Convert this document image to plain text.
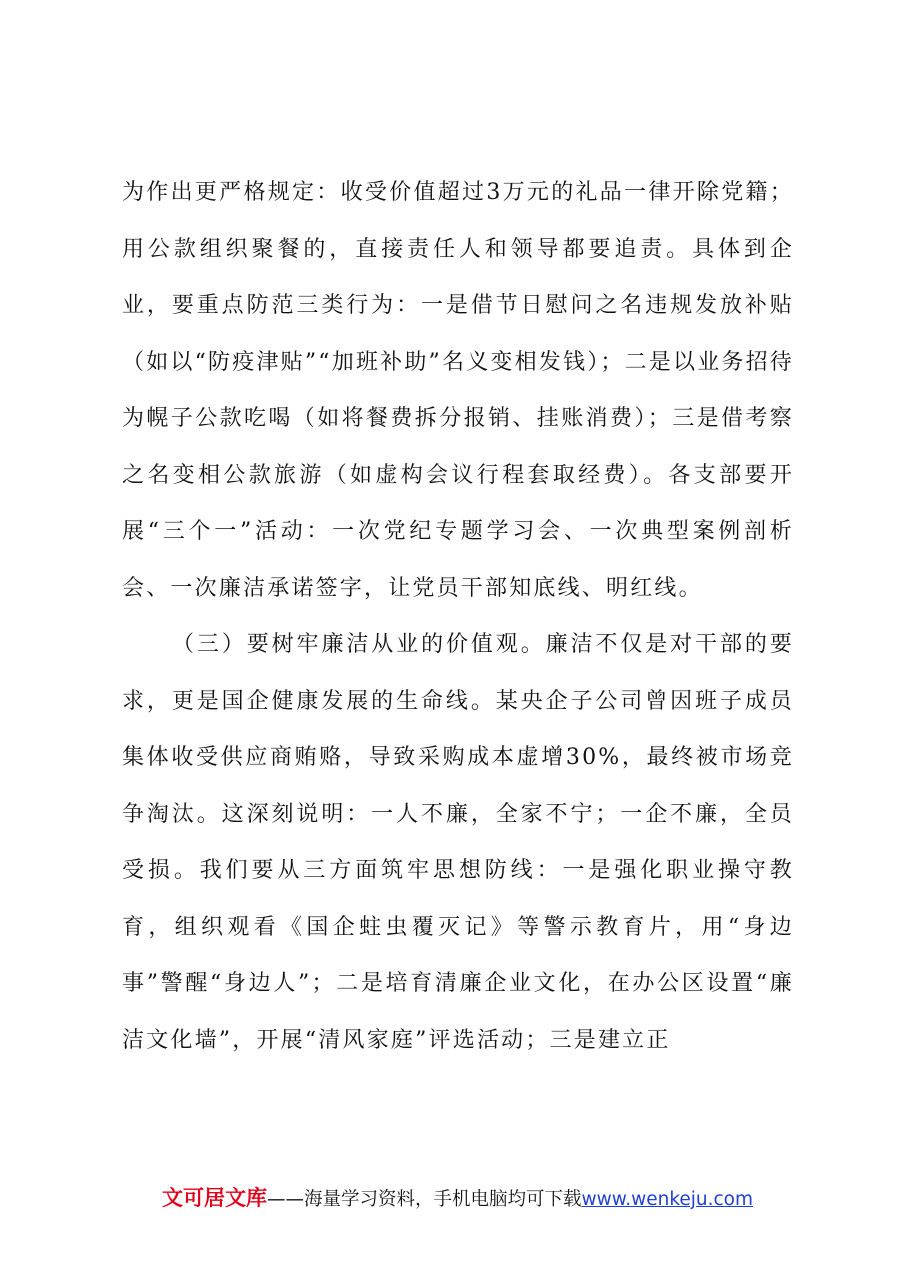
为作出更严格规定：收受价值超过3万元的礼品一律开除党籍；用公款组织聚餐的，直接责任人和领导都要追责。具体到企业，要重点防范三类行为：一是借节日慰问之名违规发放补贴（如以“防疫津贴”“加班补助”名义变相发钱）；二是以业务招待为幌子公款吃喝（如将餐费拆分报销、挂账消费）；三是借考察之名变相公款旅游（如虚构会议行程套取经费）。各支部要开展“三个一”活动：一次党纪专题学习会、一次典型案例剖析会、一次廉洁承诺签字，让党员干部知底线、明红线。

（三）要树牢廉洁从业的价值观。廉洁不仅是对干部的要求，更是国企健康发展的生命线。某央企子公司曾因班子成员集体收受供应商贿赂，导致采购成本虚增30%，最终被市场竞争淘汰。这深刻说明：一人不廉，全家不宁；一企不廉，全员受损。我们要从三方面筑牢思想防线：一是强化职业操守教育，组织观看《国企蛀虫覆灭记》等警示教育片，用“身边事”警醒“身边人”；二是培育清廉企业文化，在办公区设置“廉洁文化墙”，开展“清风家庭”评选活动；三是建立正

文可居文库——海量学习资料，手机电脑均可下载www.wenkeju.com
